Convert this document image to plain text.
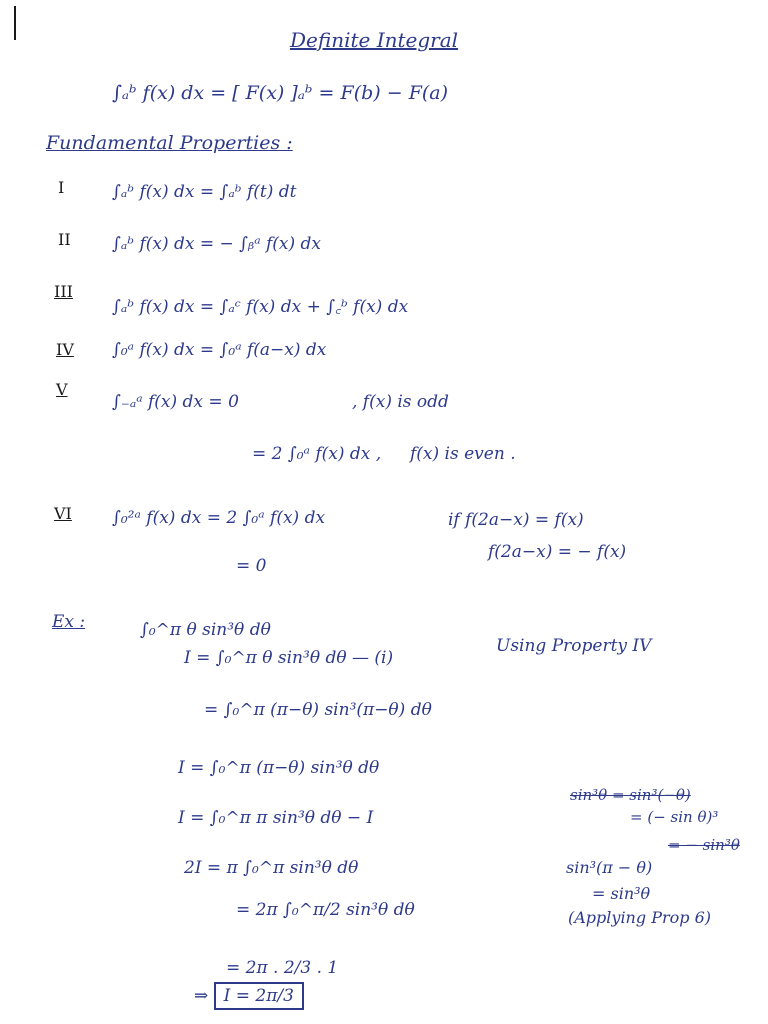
Definite Integral
∫ₐᵇ f(x) dx = [ F(x) ]ₐᵇ = F(b) − F(a)
Fundamental Properties :
I	∫ₐᵇ f(x) dx = ∫ₐᵇ f(t) dt
II ∫ₐᵇ f(x) dx = − ∫ᵦᵃ f(x) dx
III
∫ₐᵇ f(x) dx = ∫ₐᶜ f(x) dx + ∫꜀ᵇ f(x) dx
IV ∫₀ᵃ f(x) dx = ∫₀ᵃ f(a−x) dx
V
∫₋ₐᵃ f(x) dx = 0	, f(x) is odd
= 2 ∫₀ᵃ f(x) dx , f(x) is even .
VI ∫₀²ᵃ f(x) dx = 2 ∫₀ᵃ f(x) dx	if f(2a−x) = f(x)
= 0
f(2a−x) = − f(x)
Ex :	∫₀^π θ sin³θ dθ
I = ∫₀^π θ sin³θ dθ — (i)
Using Property IV
= ∫₀^π (π−θ) sin³(π−θ) dθ
I = ∫₀^π (π−θ) sin³θ dθ
I = ∫₀^π π sin³θ dθ − I
2I = π ∫₀^π sin³θ dθ
= 2π ∫₀^π/2 sin³θ dθ
= 2π . 2/3 . 1
⇒ I = 2π/3
sin³θ = sin³(−θ)
= (− sin θ)³
= − sin³θ
sin³(π − θ)
= sin³θ
(Applying Prop 6)
